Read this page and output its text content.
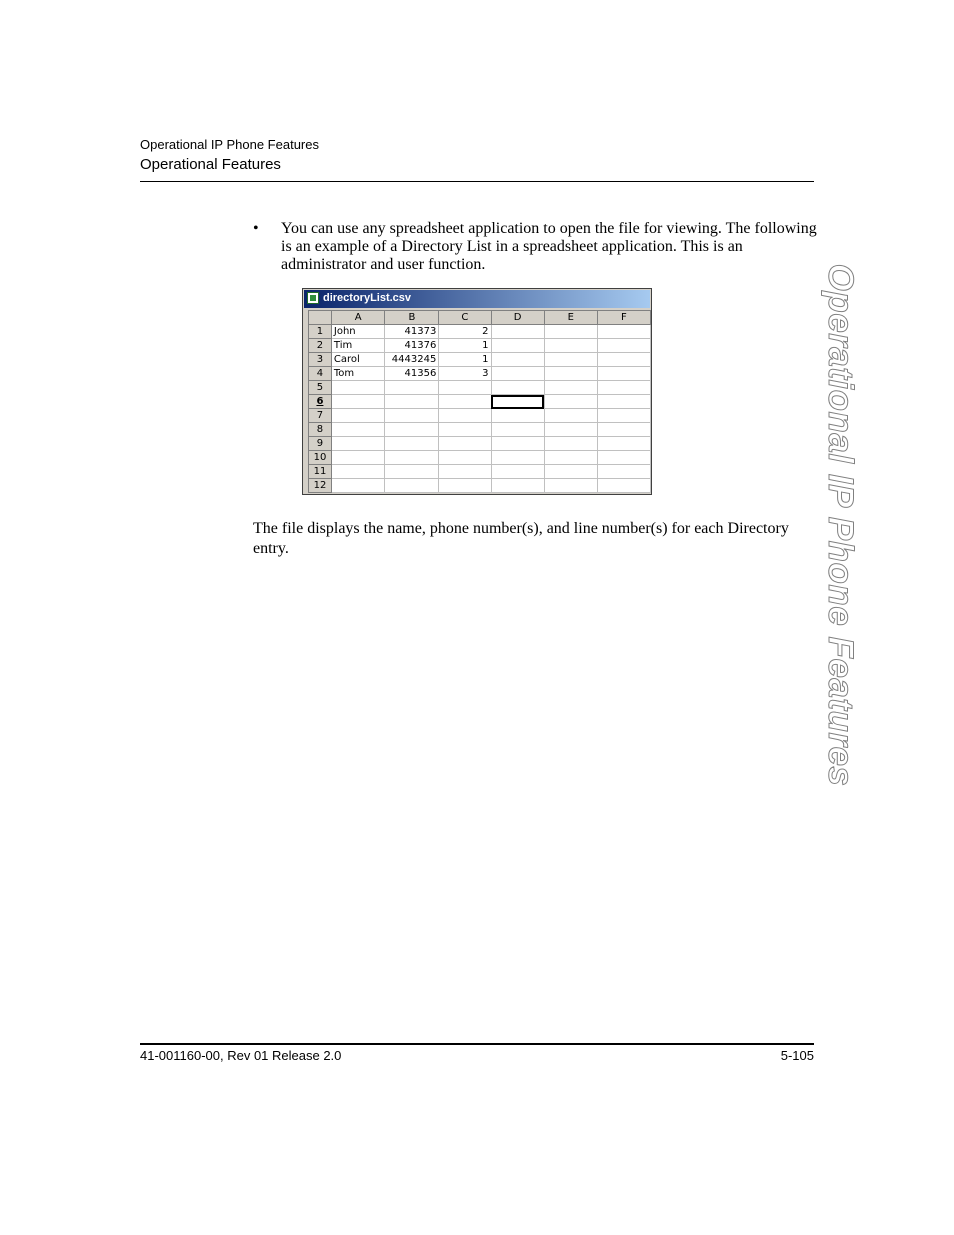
Operational IP Phone Features
Operational Features
• You can use any spreadsheet application to open the file for viewing. The following is an example of a Directory List in a spreadsheet application. This is an administrator and user function.
directoryList.csv
	A	B	C	D	E	F
1	John	41373	2			
2	Tim	41376	1			
3	Carol	4443245	1			
4	Tom	41356	3			
5						
6						
7						
8						
9						
10						
11						
12						
The file displays the name, phone number(s), and line number(s) for each Directory entry.	Operational IP Phone Features
41-001160-00, Rev 01 Release 2.0	5-105
